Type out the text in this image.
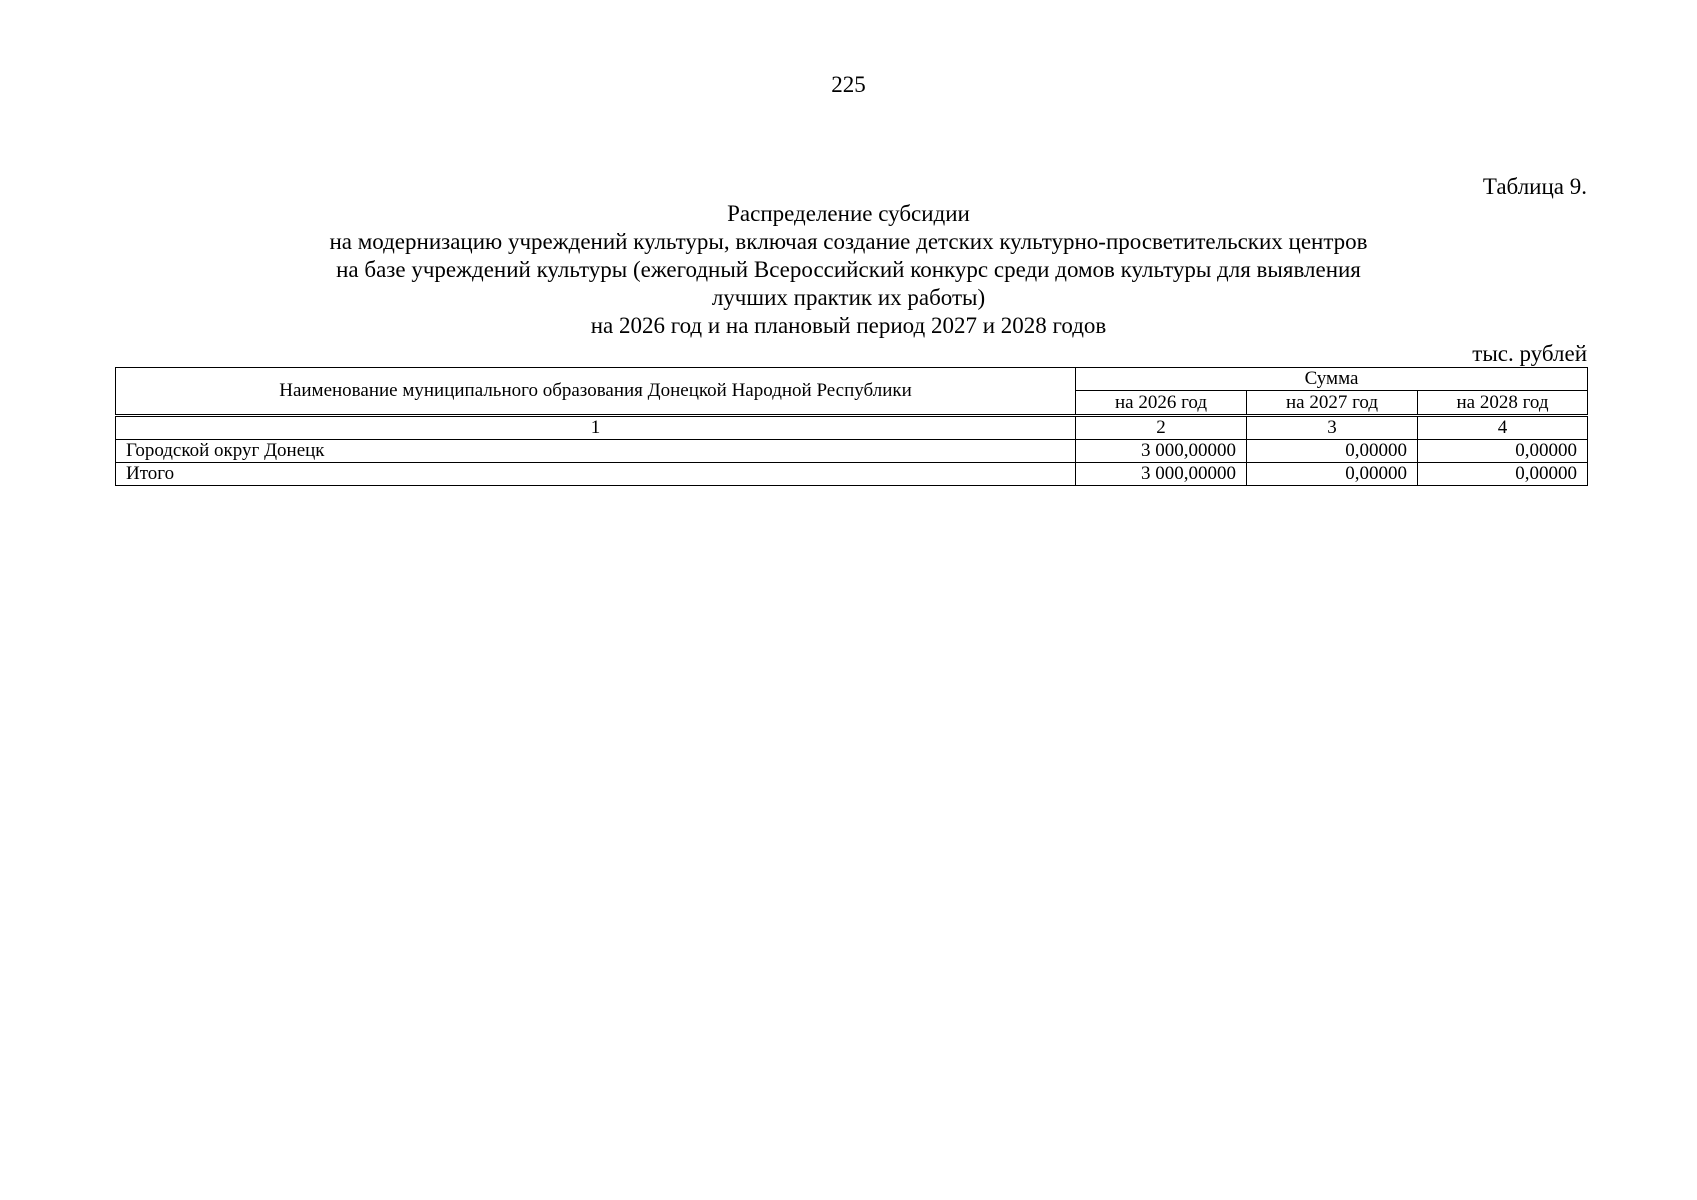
225
Таблица 9.
Распределение субсидии
на модернизацию учреждений культуры, включая создание детских культурно-просветительских центров
на базе учреждений культуры (ежегодный Всероссийский конкурс среди домов культуры для выявления
лучших практик их работы)
на 2026 год и на плановый период 2027 и 2028 годов
тыс. рублей
Наименование муниципального образования Донецкой Народной Республики	Сумма		
	на 2026 год	на 2027 год	на 2028 год
1	2	3	4
Городской округ Донецк	3 000,00000	0,00000	0,00000
Итого	3 000,00000	0,00000	0,00000
